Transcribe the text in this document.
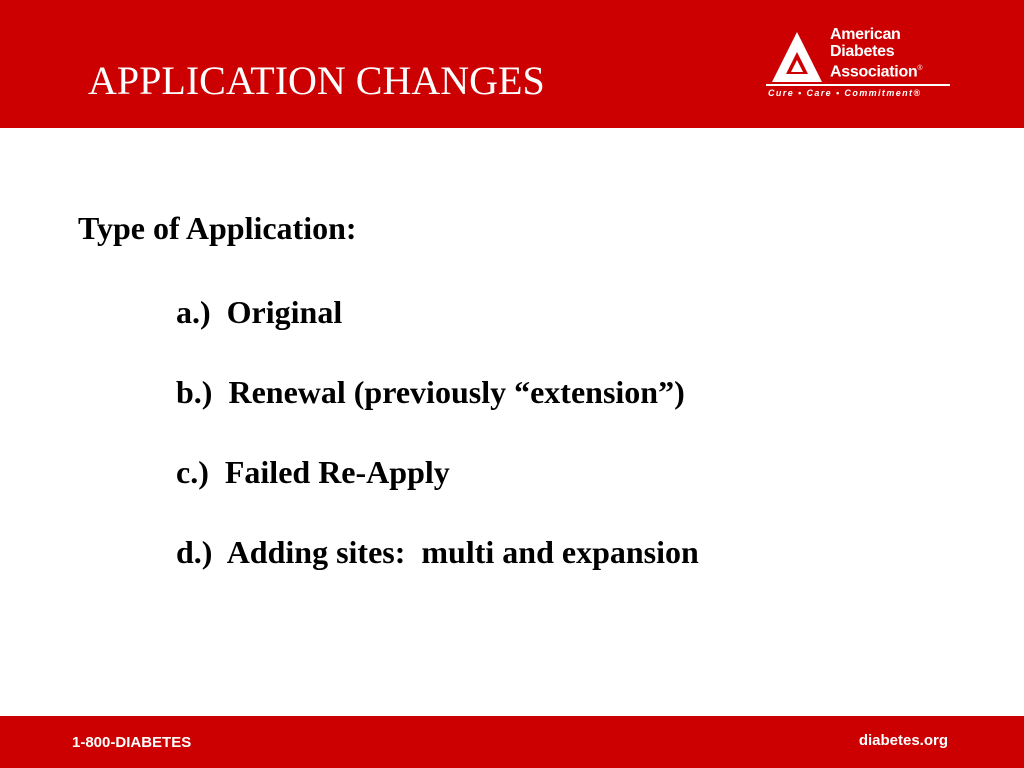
APPLICATION CHANGES
American
Diabetes
Association®
Cure • Care • Commitment®
Type of Application:
a.)  Original
b.)  Renewal (previously “extension”)
c.)  Failed Re-Apply
d.)  Adding sites:  multi and expansion
1-800-DIABETES	diabetes.org
